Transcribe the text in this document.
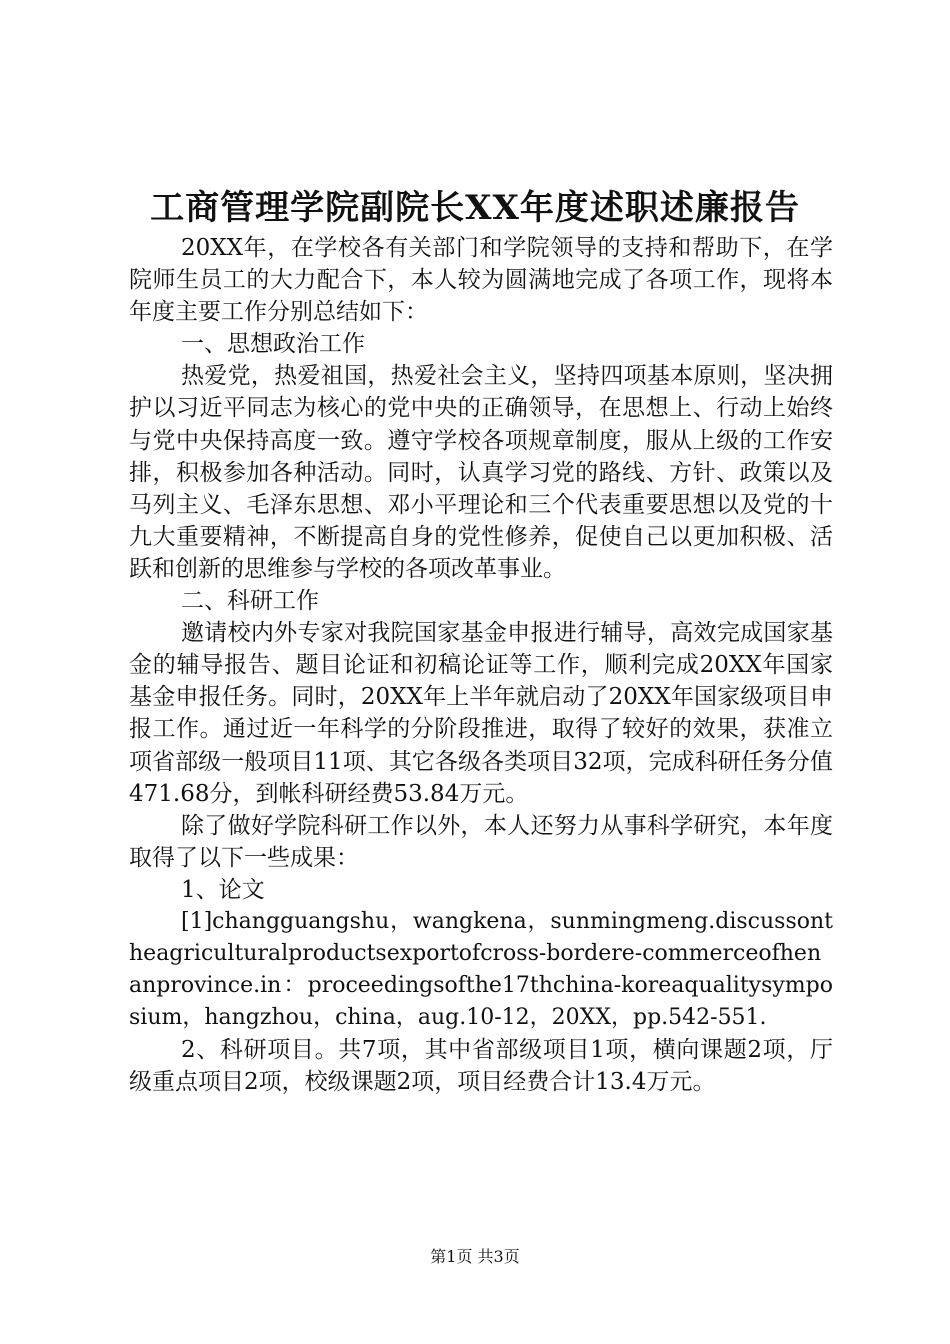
工商管理学院副院长XX年度述职述廉报告

20XX年，在学校各有关部门和学院领导的支持和帮助下，在学院师生员工的大力配合下，本人较为圆满地完成了各项工作，现将本年度主要工作分别总结如下：

一、思想政治工作

热爱党，热爱祖国，热爱社会主义，坚持四项基本原则，坚决拥护以习近平同志为核心的党中央的正确领导，在思想上、行动上始终与党中央保持高度一致。遵守学校各项规章制度，服从上级的工作安排，积极参加各种活动。同时，认真学习党的路线、方针、政策以及马列主义、毛泽东思想、邓小平理论和三个代表重要思想以及党的十九大重要精神，不断提高自身的党性修养，促使自己以更加积极、活跃和创新的思维参与学校的各项改革事业。

二、科研工作

邀请校内外专家对我院国家基金申报进行辅导，高效完成国家基金的辅导报告、题目论证和初稿论证等工作，顺利完成20XX年国家基金申报任务。同时，20XX年上半年就启动了20XX年国家级项目申报工作。通过近一年科学的分阶段推进，取得了较好的效果，获准立项省部级一般项目11项、其它各级各类项目32项，完成科研任务分值471.68分，到帐科研经费53.84万元。

除了做好学院科研工作以外，本人还努力从事科学研究，本年度取得了以下一些成果：

1、论文

[1]changguangshu，wangkena，sunmingmeng.discussontheagriculturalproductsexportofcross-bordere-commerceofhenanprovince.in：proceedingsofthe17thchina-koreaqualitysymposium，hangzhou，china，aug.10-12，20XX，pp.542-551.

2、科研项目。共7项，其中省部级项目1项，横向课题2项，厅级重点项目2项，校级课题2项，项目经费合计13.4万元。

第1页 共3页
